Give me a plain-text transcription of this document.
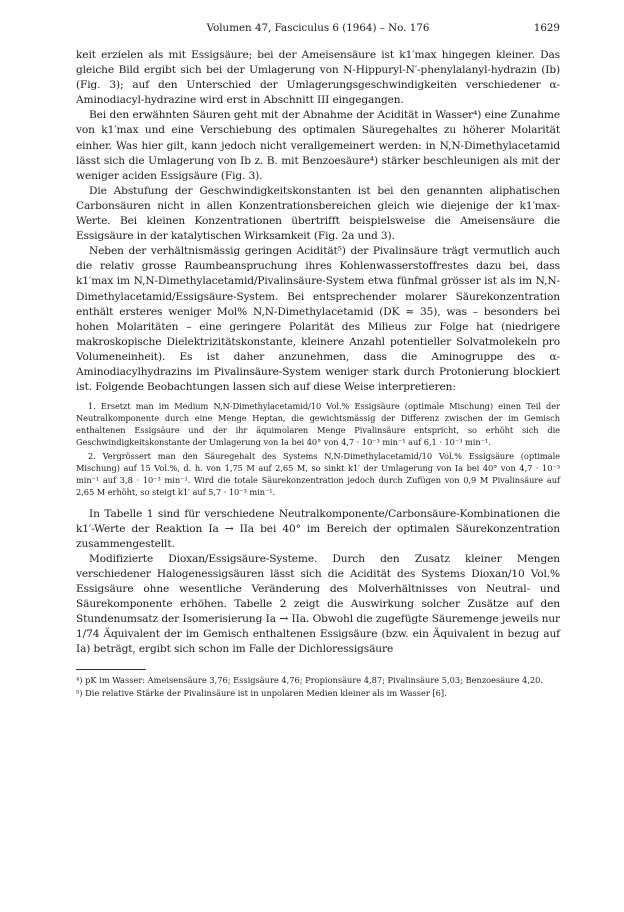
Volumen 47, Fasciculus 6 (1964) – No. 176	1629

keit erzielen als mit Essigsäure; bei der Ameisensäure ist k1′max hingegen kleiner. Das gleiche Bild ergibt sich bei der Umlagerung von N-Hippuryl-N′-phenylalanyl-hydrazin (Ib) (Fig. 3); auf den Unterschied der Umlagerungsgeschwindigkeiten verschiedener α-Aminodiacyl-hydrazine wird erst in Abschnitt III eingegangen.

Bei den erwähnten Säuren geht mit der Abnahme der Acidität in Wasser⁴) eine Zunahme von k1′max und eine Verschiebung des optimalen Säuregehaltes zu höherer Molarität einher. Was hier gilt, kann jedoch nicht verallgemeinert werden: in N,N-Dimethylacetamid lässt sich die Umlagerung von Ib z. B. mit Benzoesäure⁴) stärker beschleunigen als mit der weniger aciden Essigsäure (Fig. 3).

Die Abstufung der Geschwindigkeitskonstanten ist bei den genannten aliphatischen Carbonsäuren nicht in allen Konzentrationsbereichen gleich wie diejenige der k1′max-Werte. Bei kleinen Konzentrationen übertrifft beispielsweise die Ameisensäure die Essigsäure in der katalytischen Wirksamkeit (Fig. 2a und 3).

Neben der verhältnismässig geringen Acidität⁵) der Pivalinsäure trägt vermutlich auch die relativ grosse Raumbeanspruchung ihres Kohlenwasserstoffrestes dazu bei, dass k1′max im N,N-Dimethylacetamid/Pivalinsäure-System etwa fünfmal grösser ist als im N,N-Dimethylacetamid/Essigsäure-System. Bei entsprechender molarer Säurekonzentration enthält ersteres weniger Mol% N,N-Dimethylacetamid (DK ≈ 35), was – besonders bei hohen Molaritäten – eine geringere Polarität des Milieus zur Folge hat (niedrigere makroskopische Dielektrizitätskonstante, kleinere Anzahl potentieller Solvatmolekeln pro Volumeneinheit). Es ist daher anzunehmen, dass die Aminogruppe des α-Aminodiacylhydrazins im Pivalinsäure-System weniger stark durch Protonierung blockiert ist. Folgende Beobachtungen lassen sich auf diese Weise interpretieren:

1. Ersetzt man im Medium N,N-Dimethylacetamid/10 Vol.% Essigsäure (optimale Mischung) einen Teil der Neutralkomponente durch eine Menge Heptan, die gewichtsmässig der Differenz zwischen der im Gemisch enthaltenen Essigsäure und der ihr äquimolaren Menge Pivalinsäure entspricht, so erhöht sich die Geschwindigkeitskonstante der Umlagerung von Ia bei 40° von 4,7 · 10⁻³ min⁻¹ auf 6,1 · 10⁻³ min⁻¹.

2. Vergrössert man den Säuregehalt des Systems N,N-Dimethylacetamid/10 Vol.% Essigsäure (optimale Mischung) auf 15 Vol.%, d. h. von 1,75 M auf 2,65 M, so sinkt k1′ der Umlagerung von Ia bei 40° von 4,7 · 10⁻³ min⁻¹ auf 3,8 · 10⁻³ min⁻¹. Wird die totale Säurekonzentration jedoch durch Zufügen von 0,9 M Pivalinsäure auf 2,65 M erhöht, so steigt k1′ auf 5,7 · 10⁻³ min⁻¹.

In Tabelle 1 sind für verschiedene Neutralkomponente/Carbonsäure-Kombinationen die k1′-Werte der Reaktion Ia → IIa bei 40° im Bereich der optimalen Säurekonzentration zusammengestellt.

Modifizierte Dioxan/Essigsäure-Systeme. Durch den Zusatz kleiner Mengen verschiedener Halogenessigsäuren lässt sich die Acidität des Systems Dioxan/10 Vol.% Essigsäure ohne wesentliche Veränderung des Molverhältnisses von Neutral- und Säurekomponente erhöhen. Tabelle 2 zeigt die Auswirkung solcher Zusätze auf den Stundenumsatz der Isomerisierung Ia → IIa. Obwohl die zugefügte Säuremenge jeweils nur 1/74 Äquivalent der im Gemisch enthaltenen Essigsäure (bzw. ein Äquivalent in bezug auf Ia) beträgt, ergibt sich schon im Falle der Dichloressigsäure

⁴) pK im Wasser: Ameisensäure 3,76; Essigsäure 4,76; Propionsäure 4,87; Pivalinsäure 5,03; Benzoesäure 4,20.

⁵) Die relative Stärke der Pivalinsäure ist in unpolaren Medien kleiner als im Wasser [6].
